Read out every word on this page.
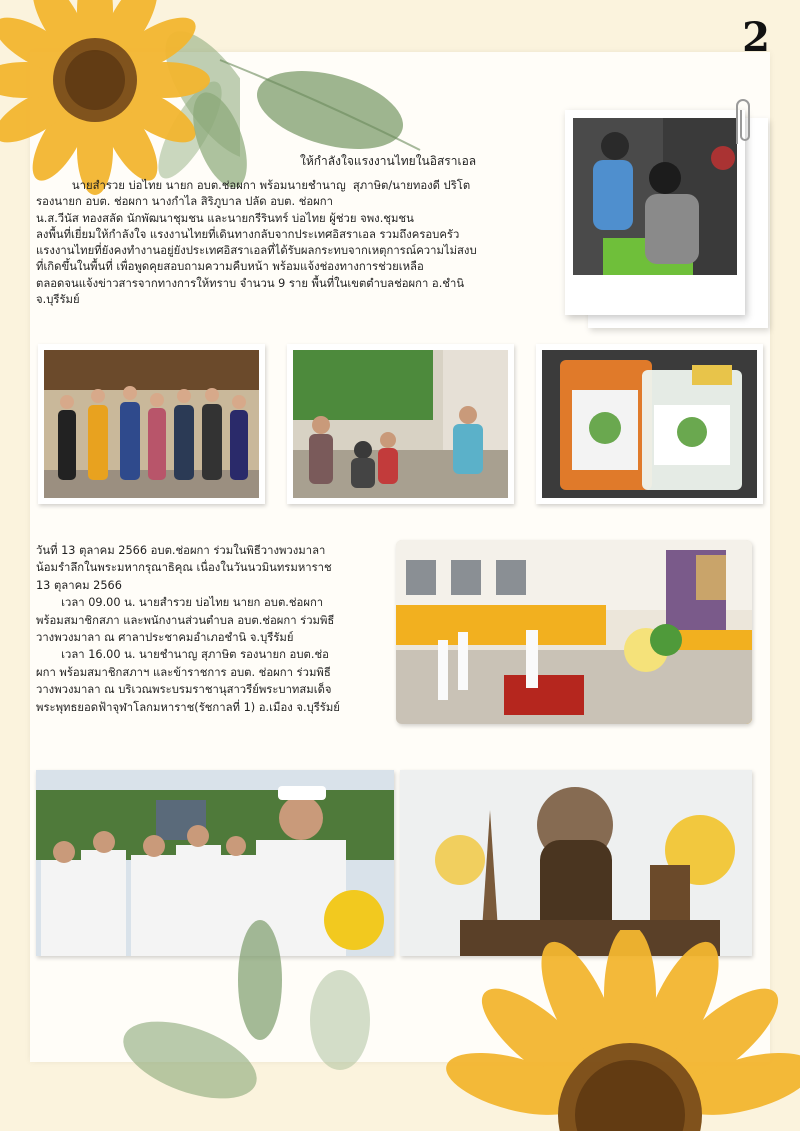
2
ให้กำลังใจแรงงานไทยในอิสราเอล

นายสำรวย บ่อไทย นายก อบต.ช่อผกา พร้อมนายชำนาญ  สุภาษิต/นายทองดี ปริโต

รองนายก อบต. ช่อผกา นางกำไล สิริภูบาล ปลัด อบต. ช่อผกา

น.ส.วีนัส ทองสลัด นักพัฒนาชุมชน และนายกรีรินทร์ บ่อไทย ผู้ช่วย จพง.ชุมชน

ลงพื้นที่เยี่ยมให้กำลังใจ แรงงานไทยที่เดินทางกลับจากประเทศอิสราเอล รวมถึงครอบครัว

แรงงานไทยที่ยังคงทำงานอยู่ยังประเทศอิสราเอลที่ได้รับผลกระทบจากเหตุการณ์ความไม่สงบ

ที่เกิดขึ้นในพื้นที่ เพื่อพูดคุยสอบถามความคืบหน้า พร้อมแจ้งช่องทางการช่วยเหลือ

ตลอดจนแจ้งข่าวสารจากทางการให้ทราบ จำนวน 9 ราย พื้นที่ในเขตตำบลช่อผกา อ.ชำนิ

จ.บุรีรัมย์

วันที่ 13 ตุลาคม 2566 อบต.ช่อผกา ร่วมในพิธีวางพวงมาลา

น้อมรำลึกในพระมหากรุณาธิคุณ เนื่องในวันนวมินทรมหาราช

13 ตุลาคม 2566

เวลา 09.00 น. นายสำรวย บ่อไทย นายก อบต.ช่อผกา

พร้อมสมาชิกสภา และพนักงานส่วนตำบล อบต.ช่อผกา ร่วมพิธี

วางพวงมาลา ณ ศาลาประชาคมอำเภอชำนิ จ.บุรีรัมย์

เวลา 16.00 น. นายชำนาญ สุภาษิต รองนายก อบต.ช่อ

ผกา พร้อมสมาชิกสภาฯ และข้าราชการ อบต. ช่อผกา ร่วมพิธี

วางพวงมาลา ณ บริเวณพระบรมราชานุสาวรีย์พระบาทสมเด็จ

พระพุทธยอดฟ้าจุฬาโลกมหาราช(รัชกาลที่ 1) อ.เมือง จ.บุรีรัมย์
